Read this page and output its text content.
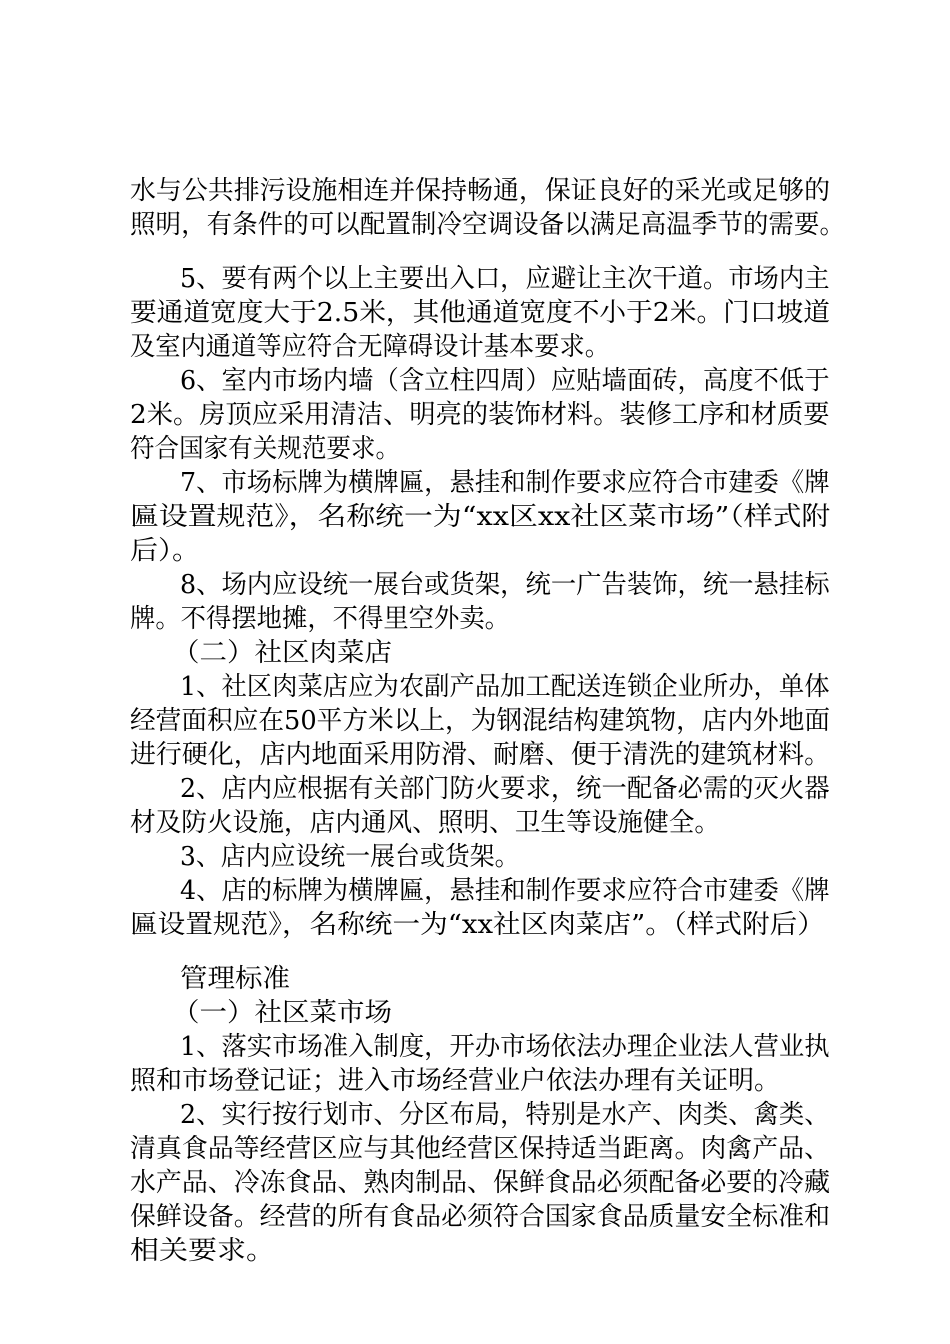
水与公共排污设施相连并保持畅通，保证良好的采光或足够的
照明，有条件的可以配置制冷空调设备以满足高温季节的需要。
5、要有两个以上主要出入口，应避让主次干道。市场内主
要通道宽度大于2.5米，其他通道宽度不小于2米。门口坡道
及室内通道等应符合无障碍设计基本要求。
6、室内市场内墙（含立柱四周）应贴墙面砖，高度不低于
2米。房顶应采用清洁、明亮的装饰材料。装修工序和材质要
符合国家有关规范要求。
7、市场标牌为横牌匾，悬挂和制作要求应符合市建委《牌
匾设置规范》，名称统一为“xx区xx社区菜市场”（样式附
后）。
8、场内应设统一展台或货架，统一广告装饰，统一悬挂标
牌。不得摆地摊，不得里空外卖。
（二）社区肉菜店
1、社区肉菜店应为农副产品加工配送连锁企业所办，单体
经营面积应在50平方米以上，为钢混结构建筑物，店内外地面
进行硬化，店内地面采用防滑、耐磨、便于清洗的建筑材料。
2、店内应根据有关部门防火要求，统一配备必需的灭火器
材及防火设施，店内通风、照明、卫生等设施健全。
3、店内应设统一展台或货架。
4、店的标牌为横牌匾，悬挂和制作要求应符合市建委《牌
匾设置规范》，名称统一为“xx社区肉菜店”。（样式附后）
管理标准
（一）社区菜市场
1、落实市场准入制度，开办市场依法办理企业法人营业执
照和市场登记证；进入市场经营业户依法办理有关证明。
2、实行按行划市、分区布局，特别是水产、肉类、禽类、
清真食品等经营区应与其他经营区保持适当距离。肉禽产品、
水产品、冷冻食品、熟肉制品、保鲜食品必须配备必要的冷藏
保鲜设备。经营的所有食品必须符合国家食品质量安全标准和
相关要求。
